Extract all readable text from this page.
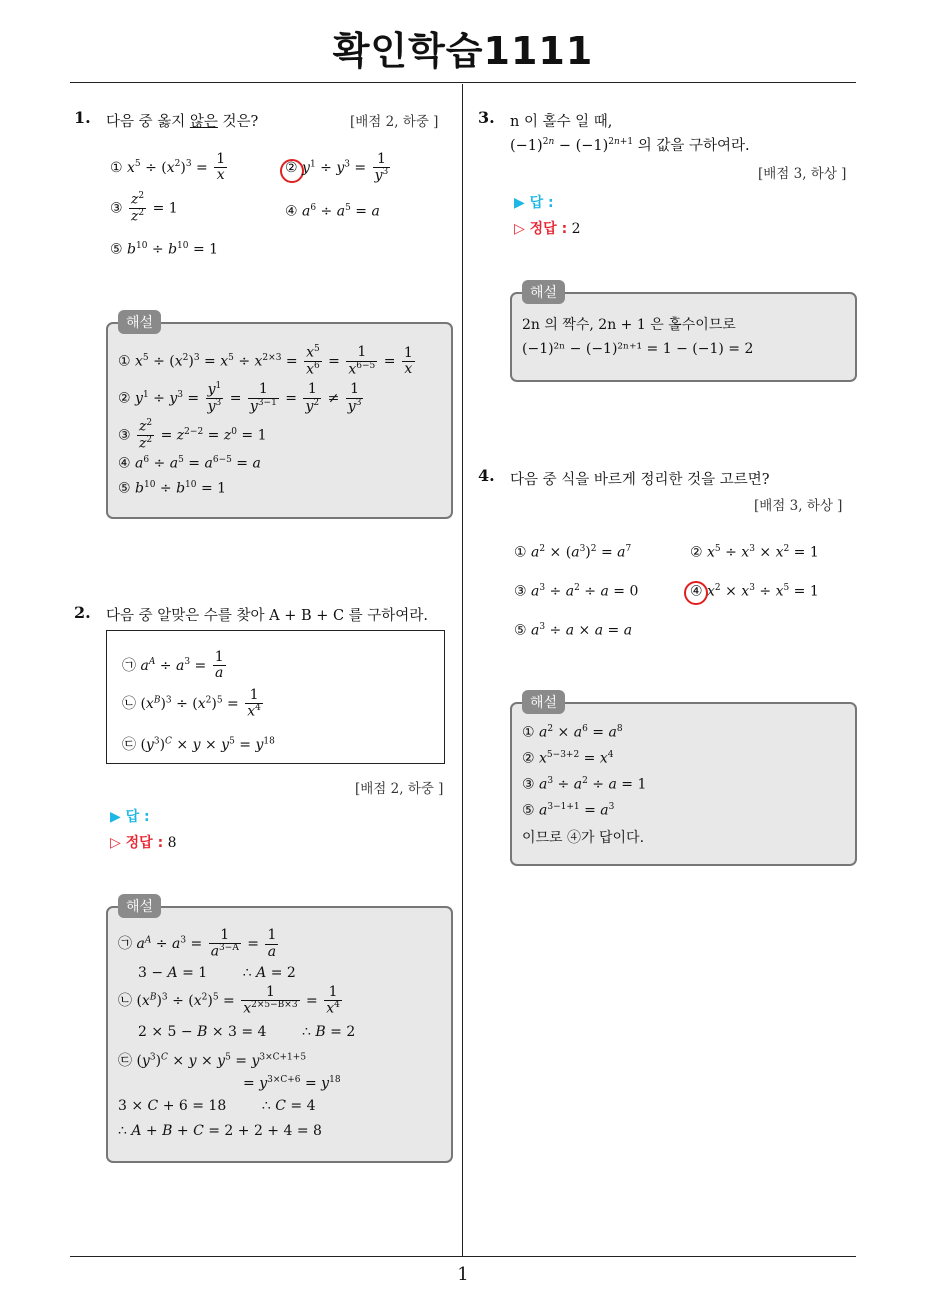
확인학습1111
1
1. 다음 중 옳지 않은 것은?	[배점 2, 하중 ]
① $x^5 \div (x^2)^3 = \frac{1}{x}$	② $y^1 \div y^3 = \frac{1}{y^3}$
③ $\frac{z^2}{z^2} = 1$	④ $a^6 \div a^5 = a$
⑤ $b^{10} \div b^{10} = 1$
해설
① $x^5 \div (x^2)^3 = x^5 \div x^{2\times 3} = \frac{x^5}{x^6} = \frac{1}{x^{6-5}} = \frac{1}{x}$
② $y^1 \div y^3 = \frac{y^1}{y^3} = \frac{1}{y^{3-1}} = \frac{1}{y^2} \ne \frac{1}{y^3}$
③ $\frac{z^2}{z^2} = z^{2-2} = z^0 = 1$
④ $a^6 \div a^5 = a^{6-5} = a$
⑤ $b^{10} \div b^{10} = 1$
2. 다음 중 알맞은 수를 찾아 A + B + C 를 구하여라.
㉠ $a^A \div a^3 = \frac{1}{a}$
㉡ $(x^B)^3 \div (x^2)^5 = \frac{1}{x^4}$
㉢ $(y^3)^C \times y \times y^5 = y^{18}$
[배점 2, 하중 ]
▶ 답 :
▷ 정답 : 8
해설
㉠ $a^A \div a^3 = \frac{1}{a^{3-A}} = \frac{1}{a}$
3 − A = 1        ∴ A = 2
㉡ $(x^B)^3 \div (x^2)^5 = \frac{1}{x^{2\times 5-B\times 3}} = \frac{1}{x^4}$
2 × 5 − B × 3 = 4        ∴ B = 2
㉢ $(y^3)^C \times y \times y^5 = y^{3\times C+1+5}$
= $y^{3\times C+6} = y^{18}$
3 × C + 6 = 18        ∴ C = 4
∴ A + B + C = 2 + 2 + 4 = 8
3. n 이 홀수 일 때,
$(-1)^{2n} - (-1)^{2n+1}$ 의 값을 구하여라.
[배점 3, 하상 ]
▶ 답 :
▷ 정답 : 2
해설
2n 의 짝수, 2n + 1 은 홀수이므로
(−1)²ⁿ − (−1)²ⁿ⁺¹ = 1 − (−1) = 2
4. 다음 중 식을 바르게 정리한 것을 고르면?
[배점 3, 하상 ]
① $a^2 \times (a^3)^2 = a^7$	② $x^5 \div x^3 \times x^2 = 1$
③ $a^3 \div a^2 \div a = 0$	④ $x^2 \times x^3 \div x^5 = 1$
⑤ $a^3 \div a \times a = a$
해설
① $a^2 \times a^6 = a^8$
② $x^{5-3+2} = x^4$
③ $a^3 \div a^2 \div a = 1$
⑤ $a^{3-1+1} = a^3$
이므로 ④가 답이다.
